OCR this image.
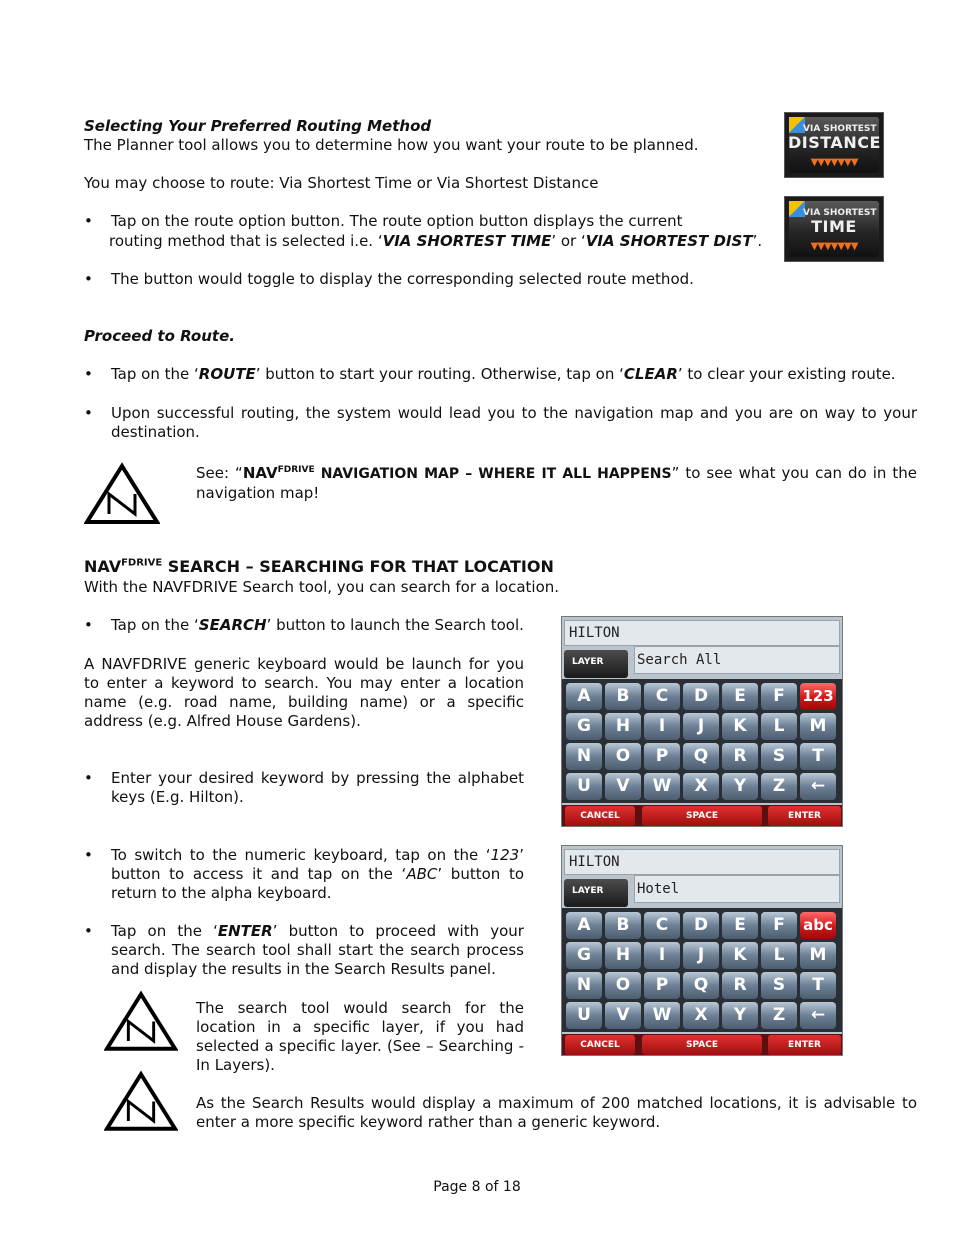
Selecting Your Preferred Routing Method
The Planner tool allows you to determine how you want your route to be planned.
You may choose to route: Via Shortest Time or Via Shortest Distance
• Tap on the route option button. The route option button displays the current
routing method that is selected i.e. ‘VIA SHORTEST TIME’ or ‘VIA SHORTEST DIST’.
• The button would toggle to display the corresponding selected route method.
VIA SHORTEST
DISTANCE
▼▼▼▼▼▼▼
VIA SHORTEST
TIME
▼▼▼▼▼▼▼
Proceed to Route.
• Tap on the ‘ROUTE’ button to start your routing. Otherwise, tap on ‘CLEAR’ to clear your existing route.
• Upon successful routing, the system would lead you to the navigation map and you are on way to your destination.
See: “$NAV^{FDRIVE}$ NAVIGATION MAP – WHERE IT ALL HAPPENS” to see what you can do in the navigation map!
$NAV^{FDRIVE}$ SEARCH – SEARCHING FOR THAT LOCATION
With the NAVFDRIVE Search tool, you can search for a location.
• Tap on the ‘SEARCH’ button to launch the Search tool.
A NAVFDRIVE generic keyboard would be launch for you to enter a keyword to search. You may enter a location name (e.g. road name, building name) or a specific address (e.g. Alfred House Gardens).
• Enter your desired keyword by pressing the alphabet keys (E.g. Hilton).
• To switch to the numeric keyboard, tap on the ‘123’ button to access it and tap on the ‘ABC’ button to return to the alpha keyboard.
• Tap on the ‘ENTER’ button to proceed with your search. The search tool shall start the search process and display the results in the Search Results panel.
The search tool would search for the location in a specific layer, if you had selected a specific layer. (See – Searching -In Layers).
As the Search Results would display a maximum of 200 matched locations, it is advisable to enter a more specific keyword rather than a generic keyword.
HILTON
LAYER Search All
A	B	C	D	E	F	123
G	H	I	J	K	L	M
N	O	P	Q	R	S	T
U	V	W	X	Y	Z	←
CANCEL	SPACE	ENTER
HILTON
LAYER Hotel
A	B	C	D	E	F	abc
G	H	I	J	K	L	M
N	O	P	Q	R	S	T
U	V	W	X	Y	Z	←
CANCEL	SPACE	ENTER
Page 8 of 18
